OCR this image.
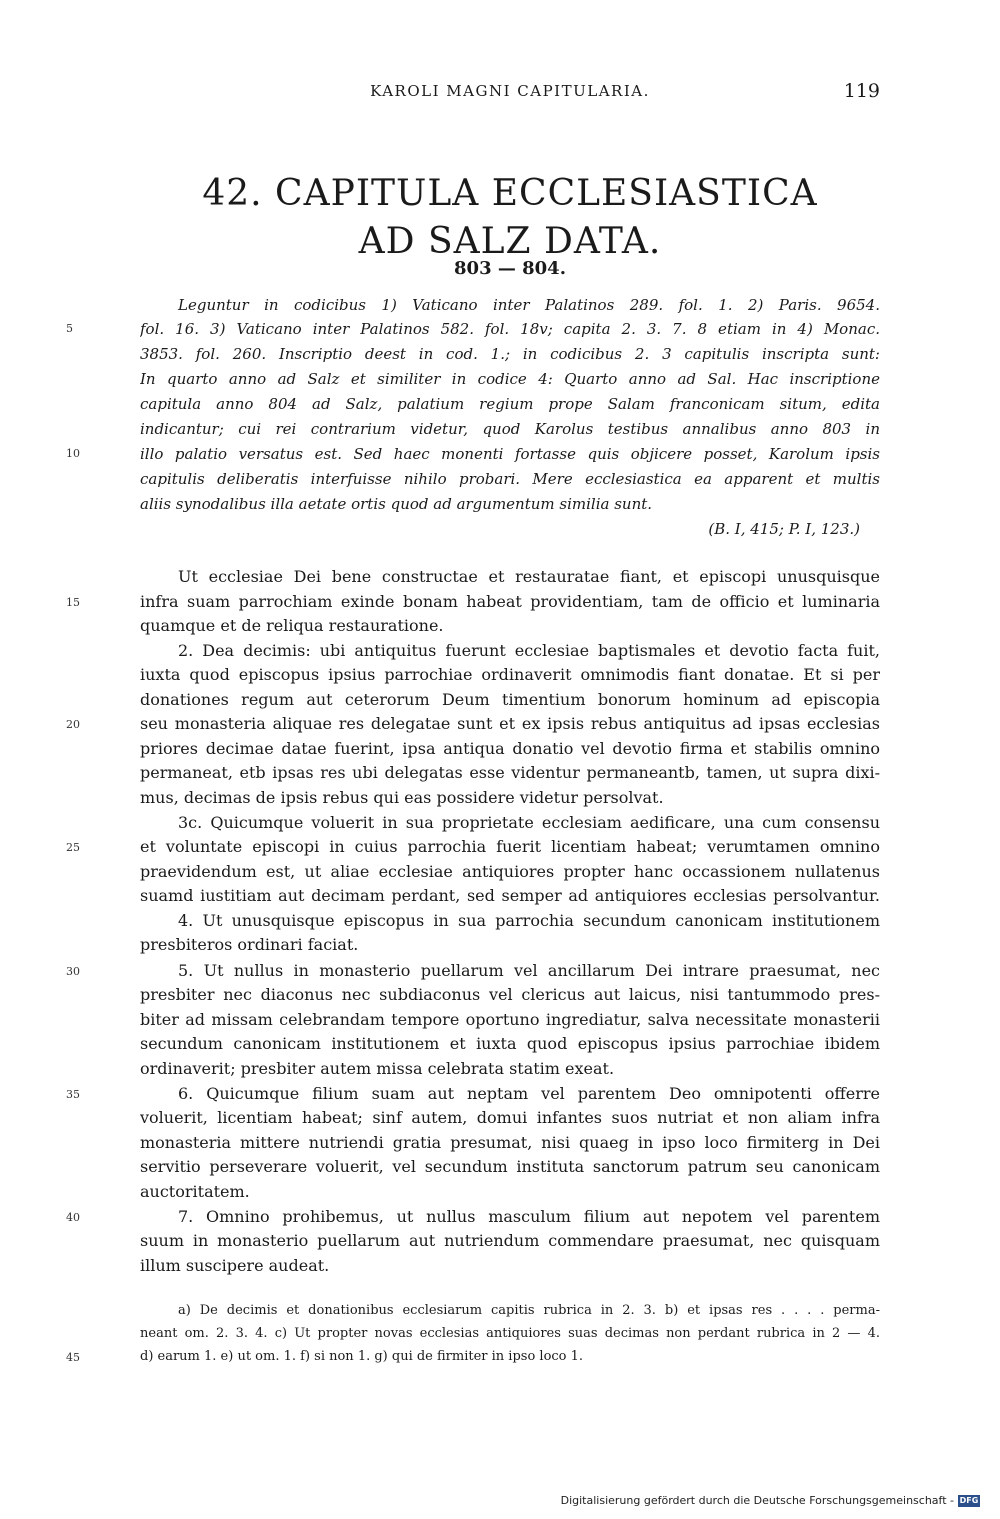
KAROLI MAGNI CAPITULARIA.	119
42. CAPITULA ECCLESIASTICA
AD SALZ DATA.
803 — 804.
Leguntur in codicibus 1) Vaticano inter Palatinos 289. fol. 1. 2) Paris. 9654.
fol. 16. 3) Vaticano inter Palatinos 582. fol. 18v; capita 2. 3. 7. 8 etiam in 4) Monac.
3853. fol. 260. Inscriptio deest in cod. 1.; in codicibus 2. 3 capitulis inscripta sunt:
In quarto anno ad Salz et similiter in codice 4: Quarto anno ad Sal. Hac inscriptione
capitula anno 804 ad Salz, palatium regium prope Salam franconicam situm, edita
indicantur; cui rei contrarium videtur, quod Karolus testibus annalibus anno 803 in
illo palatio versatus est. Sed haec monenti fortasse quis objicere posset, Karolum ipsis
capitulis deliberatis interfuisse nihilo probari. Mere ecclesiastica ea apparent et multis
aliis synodalibus illa aetate ortis quod ad argumentum similia sunt.
(B. I, 415; P. I, 123.)
5
10
Ut ecclesiae Dei bene constructae et restauratae fiant, et episcopi unusquisque
infra suam parrochiam exinde bonam habeat providentiam, tam de officio et luminaria
quamque et de reliqua restauratione.
2. Dea decimis: ubi antiquitus fuerunt ecclesiae baptismales et devotio facta fuit,
iuxta quod episcopus ipsius parrochiae ordinaverit omnimodis fiant donatae. Et si per
donationes regum aut ceterorum Deum timentium bonorum hominum ad episcopia
seu monasteria aliquae res delegatae sunt et ex ipsis rebus antiquitus ad ipsas ecclesias
priores decimae datae fuerint, ipsa antiqua donatio vel devotio firma et stabilis omnino
permaneat, etb ipsas res ubi delegatas esse videntur permaneantb, tamen, ut supra dixi-
mus, decimas de ipsis rebus qui eas possidere videtur persolvat.
3c. Quicumque voluerit in sua proprietate ecclesiam aedificare, una cum consensu
et voluntate episcopi in cuius parrochia fuerit licentiam habeat; verumtamen omnino
praevidendum est, ut aliae ecclesiae antiquiores propter hanc occassionem nullatenus
suamd iustitiam aut decimam perdant, sed semper ad antiquiores ecclesias persolvantur.
4. Ut unusquisque episcopus in sua parrochia secundum canonicam institutionem
presbiteros ordinari faciat.
5. Ut nullus in monasterio puellarum vel ancillarum Dei intrare praesumat, nec
presbiter nec diaconus nec subdiaconus vel clericus aut laicus, nisi tantummodo pres-
biter ad missam celebrandam tempore oportuno ingrediatur, salva necessitate monasterii
secundum canonicam institutionem et iuxta quod episcopus ipsius parrochiae ibidem
ordinaverit; presbiter autem missa celebrata statim exeat.
6. Quicumque filium suam aut neptam vel parentem Deo omnipotenti offerre
voluerit, licentiam habeat; sinf autem, domui infantes suos nutriat et non aliam infra
monasteria mittere nutriendi gratia presumat, nisi quaeg in ipso loco firmiterg in Dei
servitio perseverare voluerit, vel secundum instituta sanctorum patrum seu canonicam
auctoritatem.
7. Omnino prohibemus, ut nullus masculum filium aut nepotem vel parentem
suum in monasterio puellarum aut nutriendum commendare praesumat, nec quisquam
illum suscipere audeat.
15
20
25
30
35
40
a) De decimis et donationibus ecclesiarum capitis rubrica in 2. 3. b) et ipsas res . . . . perma-
neant om. 2. 3. 4. c) Ut propter novas ecclesias antiquiores suas decimas non perdant rubrica in 2 — 4.
d) earum 1. e) ut om. 1. f) si non 1. g) qui de firmiter in ipso loco 1.
45
Digitalisierung gefördert durch die Deutsche Forschungsgemeinschaft - DFG
